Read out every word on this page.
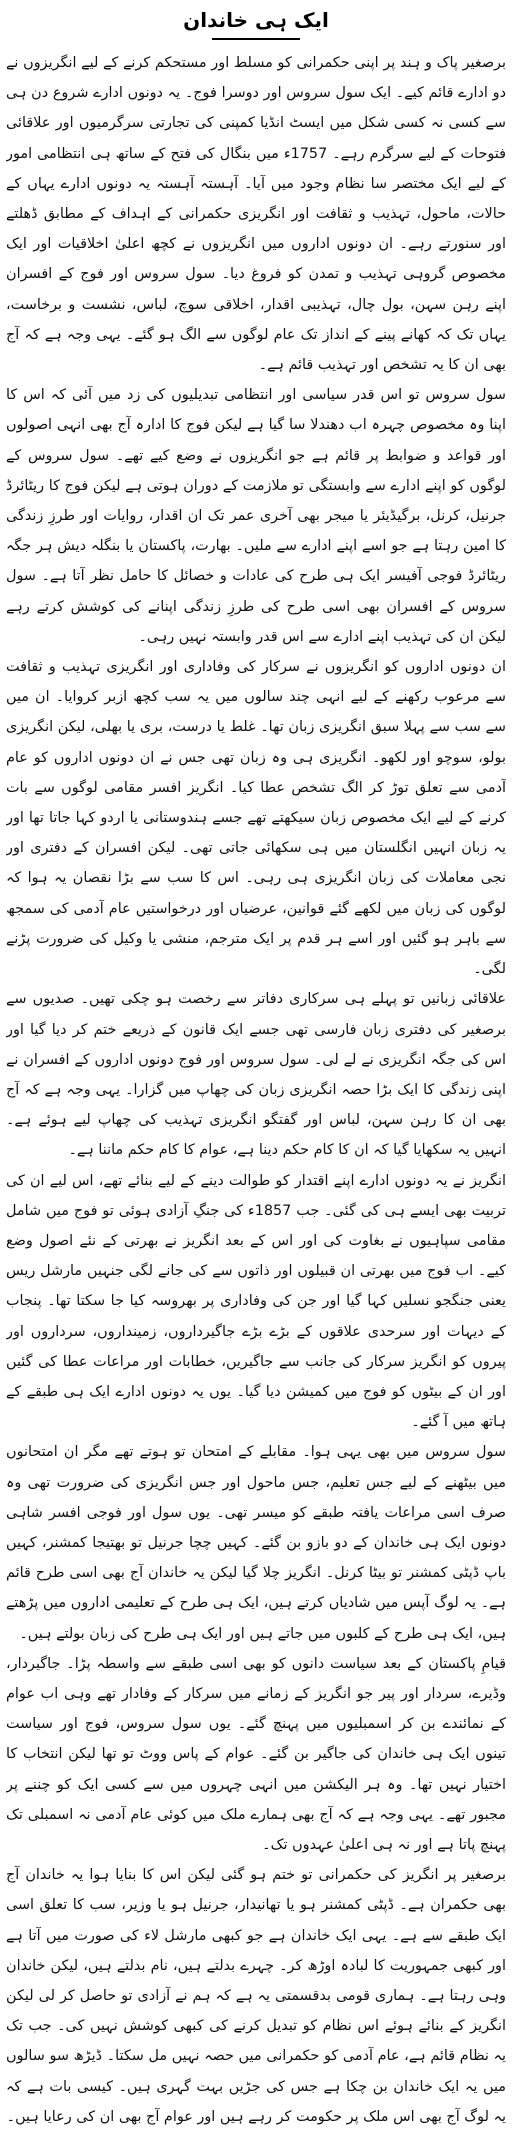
ایک ہی خاندان

برصغیر پاک و ہند پر اپنی حکمرانی کو مسلط اور مستحکم کرنے کے لیے انگریزوں نے دو ادارے قائم کیے۔ ایک سول سروس اور دوسرا فوج۔ یہ دونوں ادارے شروع دن ہی سے کسی نہ کسی شکل میں ایسٹ انڈیا کمپنی کی تجارتی سرگرمیوں اور علاقائی فتوحات کے لیے سرگرم رہے۔ 1757ء میں بنگال کی فتح کے ساتھ ہی انتظامی امور کے لیے ایک مختصر سا نظام وجود میں آیا۔ آہستہ آہستہ یہ دونوں ادارے یہاں کے حالات، ماحول، تہذیب و ثقافت اور انگریزی حکمرانی کے اہداف کے مطابق ڈھلتے اور سنورتے رہے۔ ان دونوں اداروں میں انگریزوں نے کچھ اعلیٰ اخلاقیات اور ایک مخصوص گروہی تہذیب و تمدن کو فروغ دیا۔ سول سروس اور فوج کے افسران اپنے رہن سہن، بول چال، تہذیبی اقدار، اخلاقی سوچ، لباس، نشست و برخاست، یہاں تک کہ کھانے پینے کے انداز تک عام لوگوں سے الگ ہو گئے۔ یہی وجہ ہے کہ آج بھی ان کا یہ تشخص اور تہذیب قائم ہے۔

سول سروس تو اس قدر سیاسی اور انتظامی تبدیلیوں کی زد میں آئی کہ اس کا اپنا وہ مخصوص چہرہ اب دھندلا سا گیا ہے لیکن فوج کا ادارہ آج بھی انہی اصولوں اور قواعد و ضوابط پر قائم ہے جو انگریزوں نے وضع کیے تھے۔ سول سروس کے لوگوں کو اپنے ادارے سے وابستگی تو ملازمت کے دوران ہوتی ہے لیکن فوج کا ریٹائرڈ جرنیل، کرنل، برگیڈیئر یا میجر بھی آخری عمر تک ان اقدار، روایات اور طرزِ زندگی کا امین رہتا ہے جو اسے اپنے ادارے سے ملیں۔ بھارت، پاکستان یا بنگلہ دیش ہر جگہ ریٹائرڈ فوجی آفیسر ایک ہی طرح کی عادات و خصائل کا حامل نظر آتا ہے۔ سول سروس کے افسران بھی اسی طرح کی طرزِ زندگی اپنانے کی کوشش کرتے رہے لیکن ان کی تہذیب اپنے ادارے سے اس قدر وابستہ نہیں رہی۔

ان دونوں اداروں کو انگریزوں نے سرکار کی وفاداری اور انگریزی تہذیب و ثقافت سے مرعوب رکھنے کے لیے انہی چند سالوں میں یہ سب کچھ ازبر کروایا۔ ان میں سے سب سے پہلا سبق انگریزی زبان تھا۔ غلط یا درست، بری یا بھلی، لیکن انگریزی بولو، سوچو اور لکھو۔ انگریزی ہی وہ زبان تھی جس نے ان دونوں اداروں کو عام آدمی سے تعلق توڑ کر الگ تشخص عطا کیا۔ انگریز افسر مقامی لوگوں سے بات کرنے کے لیے ایک مخصوص زبان سیکھتے تھے جسے ہندوستانی یا اردو کہا جاتا تھا اور یہ زبان انہیں انگلستان میں ہی سکھائی جاتی تھی۔ لیکن افسران کے دفتری اور نجی معاملات کی زبان انگریزی ہی رہی۔ اس کا سب سے بڑا نقصان یہ ہوا کہ لوگوں کی زبان میں لکھے گئے قوانین، عرضیاں اور درخواستیں عام آدمی کی سمجھ سے باہر ہو گئیں اور اسے ہر قدم پر ایک مترجم، منشی یا وکیل کی ضرورت پڑنے لگی۔

علاقائی زبانیں تو پہلے ہی سرکاری دفاتر سے رخصت ہو چکی تھیں۔ صدیوں سے برصغیر کی دفتری زبان فارسی تھی جسے ایک قانون کے ذریعے ختم کر دیا گیا اور اس کی جگہ انگریزی نے لے لی۔ سول سروس اور فوج دونوں اداروں کے افسران نے اپنی زندگی کا ایک بڑا حصہ انگریزی زبان کی چھاپ میں گزارا۔ یہی وجہ ہے کہ آج بھی ان کا رہن سہن، لباس اور گفتگو انگریزی تہذیب کی چھاپ لیے ہوئے ہے۔ انہیں یہ سکھایا گیا کہ ان کا کام حکم دینا ہے، عوام کا کام حکم ماننا ہے۔

انگریز نے یہ دونوں ادارے اپنے اقتدار کو طوالت دینے کے لیے بنائے تھے، اس لیے ان کی تربیت بھی ایسے ہی کی گئی۔ جب 1857ء کی جنگِ آزادی ہوئی تو فوج میں شامل مقامی سپاہیوں نے بغاوت کی اور اس کے بعد انگریز نے بھرتی کے نئے اصول وضع کیے۔ اب فوج میں بھرتی ان قبیلوں اور ذاتوں سے کی جانے لگی جنہیں مارشل ریس یعنی جنگجو نسلیں کہا گیا اور جن کی وفاداری پر بھروسہ کیا جا سکتا تھا۔ پنجاب کے دیہات اور سرحدی علاقوں کے بڑے بڑے جاگیرداروں، زمینداروں، سرداروں اور پیروں کو انگریز سرکار کی جانب سے جاگیریں، خطابات اور مراعات عطا کی گئیں اور ان کے بیٹوں کو فوج میں کمیشن دیا گیا۔ یوں یہ دونوں ادارے ایک ہی طبقے کے ہاتھ میں آ گئے۔

سول سروس میں بھی یہی ہوا۔ مقابلے کے امتحان تو ہوتے تھے مگر ان امتحانوں میں بیٹھنے کے لیے جس تعلیم، جس ماحول اور جس انگریزی کی ضرورت تھی وہ صرف اسی مراعات یافتہ طبقے کو میسر تھی۔ یوں سول اور فوجی افسر شاہی دونوں ایک ہی خاندان کے دو بازو بن گئے۔ کہیں چچا جرنیل تو بھتیجا کمشنر، کہیں باپ ڈپٹی کمشنر تو بیٹا کرنل۔ انگریز چلا گیا لیکن یہ خاندان آج بھی اسی طرح قائم ہے۔ یہ لوگ آپس میں شادیاں کرتے ہیں، ایک ہی طرح کے تعلیمی اداروں میں پڑھتے ہیں، ایک ہی طرح کے کلبوں میں جاتے ہیں اور ایک ہی طرح کی زبان بولتے ہیں۔

قیامِ پاکستان کے بعد سیاست دانوں کو بھی اسی طبقے سے واسطہ پڑا۔ جاگیردار، وڈیرے، سردار اور پیر جو انگریز کے زمانے میں سرکار کے وفادار تھے وہی اب عوام کے نمائندے بن کر اسمبلیوں میں پہنچ گئے۔ یوں سول سروس، فوج اور سیاست تینوں ایک ہی خاندان کی جاگیر بن گئے۔ عوام کے پاس ووٹ تو تھا لیکن انتخاب کا اختیار نہیں تھا۔ وہ ہر الیکشن میں انہی چہروں میں سے کسی ایک کو چننے پر مجبور تھے۔ یہی وجہ ہے کہ آج بھی ہمارے ملک میں کوئی عام آدمی نہ اسمبلی تک پہنچ پاتا ہے اور نہ ہی اعلیٰ عہدوں تک۔

برصغیر پر انگریز کی حکمرانی تو ختم ہو گئی لیکن اس کا بنایا ہوا یہ خاندان آج بھی حکمران ہے۔ ڈپٹی کمشنر ہو یا تھانیدار، جرنیل ہو یا وزیر، سب کا تعلق اسی ایک طبقے سے ہے۔ یہی ایک خاندان ہے جو کبھی مارشل لاء کی صورت میں آتا ہے اور کبھی جمہوریت کا لبادہ اوڑھ کر۔ چہرے بدلتے ہیں، نام بدلتے ہیں، لیکن خاندان وہی رہتا ہے۔ ہماری قومی بدقسمتی یہ ہے کہ ہم نے آزادی تو حاصل کر لی لیکن انگریز کے بنائے ہوئے اس نظام کو تبدیل کرنے کی کبھی کوشش نہیں کی۔ جب تک یہ نظام قائم ہے، عام آدمی کو حکمرانی میں حصہ نہیں مل سکتا۔ ڈیڑھ سو سالوں میں یہ ایک خاندان بن چکا ہے جس کی جڑیں بہت گہری ہیں۔ کیسی بات ہے کہ یہ لوگ آج بھی اس ملک پر حکومت کر رہے ہیں اور عوام آج بھی ان کی رعایا ہیں۔
